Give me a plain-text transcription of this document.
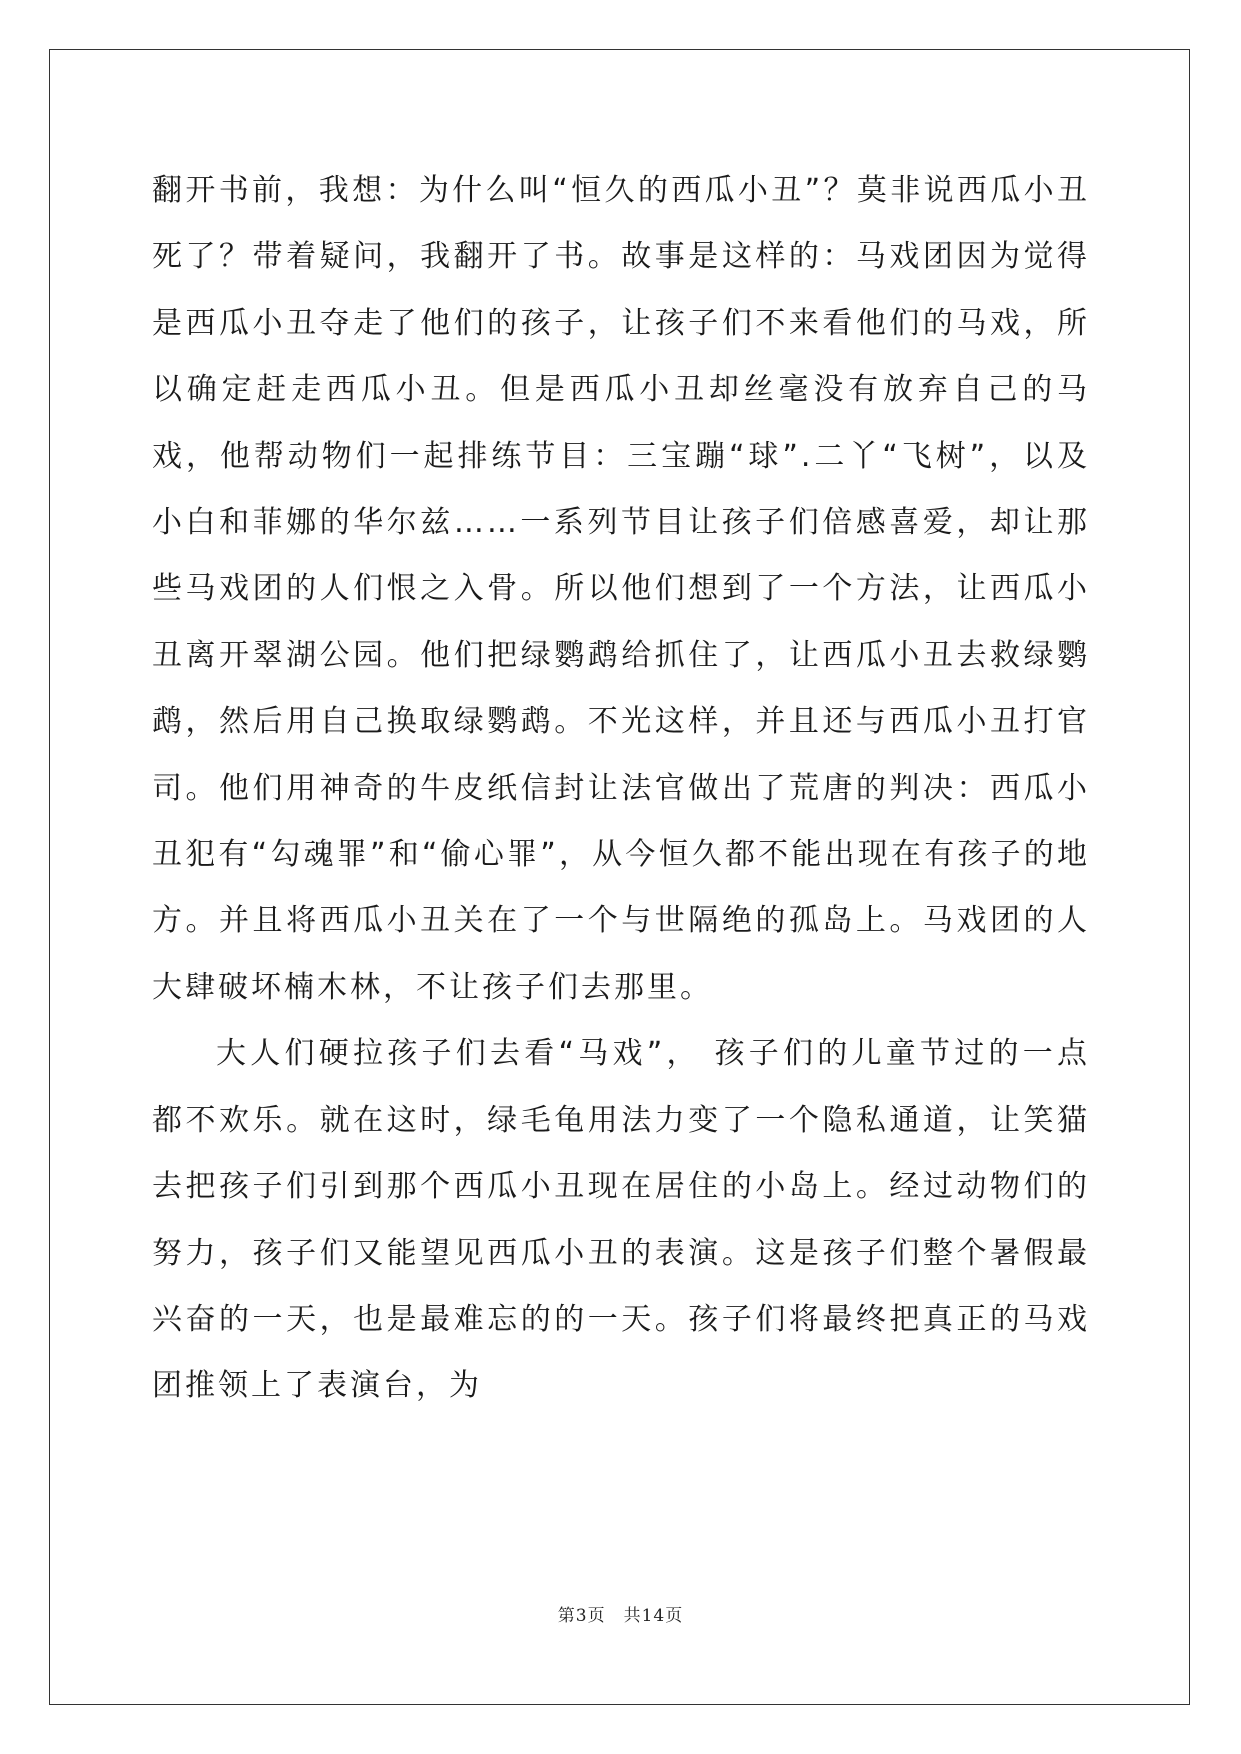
翻开书前，我想：为什么叫“恒久的西瓜小丑”？莫非说西瓜小丑死了？带着疑问，我翻开了书。故事是这样的：马戏团因为觉得是西瓜小丑夺走了他们的孩子，让孩子们不来看他们的马戏，所以确定赶走西瓜小丑。但是西瓜小丑却丝毫没有放弃自己的马戏，他帮动物们一起排练节目：三宝蹦“球”.二丫“飞树”，以及小白和菲娜的华尔兹……一系列节目让孩子们倍感喜爱，却让那些马戏团的人们恨之入骨。所以他们想到了一个方法，让西瓜小丑离开翠湖公园。他们把绿鹦鹉给抓住了，让西瓜小丑去救绿鹦鹉，然后用自己换取绿鹦鹉。不光这样，并且还与西瓜小丑打官司。他们用神奇的牛皮纸信封让法官做出了荒唐的判决：西瓜小丑犯有“勾魂罪”和“偷心罪”，从今恒久都不能出现在有孩子的地方。并且将西瓜小丑关在了一个与世隔绝的孤岛上。马戏团的人大肆破坏楠木林，不让孩子们去那里。

大人们硬拉孩子们去看“马戏”， 孩子们的儿童节过的一点都不欢乐。就在这时，绿毛龟用法力变了一个隐私通道，让笑猫去把孩子们引到那个西瓜小丑现在居住的小岛上。经过动物们的努力，孩子们又能望见西瓜小丑的表演。这是孩子们整个暑假最兴奋的一天，也是最难忘的的一天。孩子们将最终把真正的马戏团推领上了表演台，为

第3页 共14页
